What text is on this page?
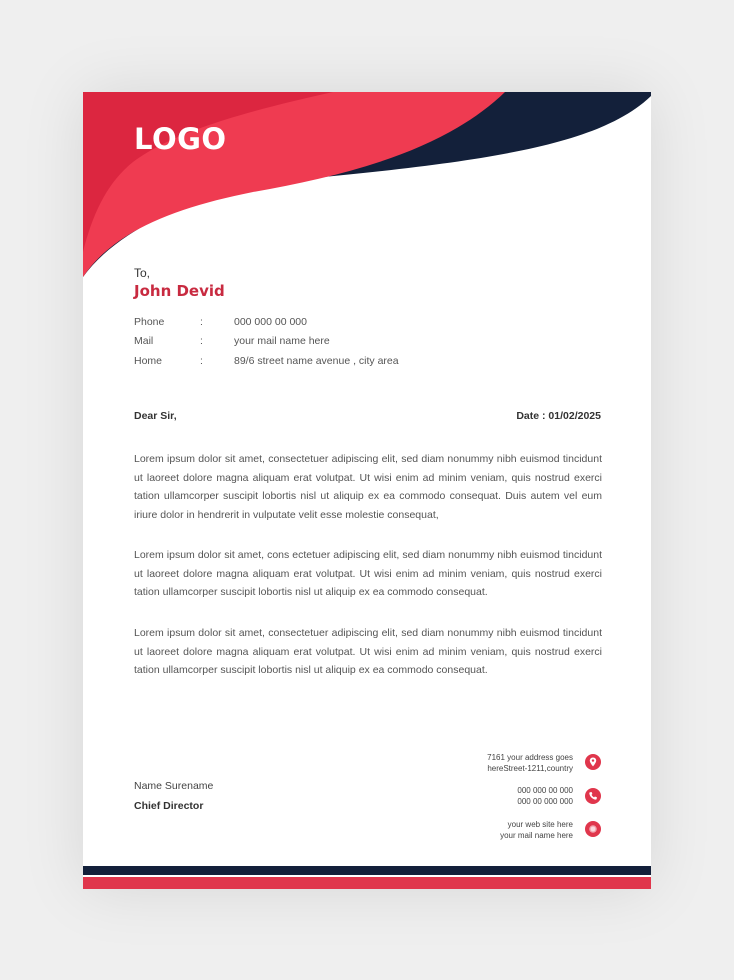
LOGO
To,
John Devid
Phone	:	000 000 00 000
Mail	:	your mail name here
Home	:	89/6 street name avenue , city area
Dear Sir,	Date : 01/02/2025
Lorem ipsum dolor sit amet, consectetuer adipiscing elit, sed diam nonummy nibh euismod tincidunt ut laoreet dolore magna aliquam erat volutpat. Ut wisi enim ad minim veniam, quis nostrud exerci tation ullamcorper suscipit lobortis nisl ut aliquip ex ea commodo consequat. Duis autem vel eum iriure dolor in hendrerit in vulputate velit esse molestie consequat,
Lorem ipsum dolor sit amet, cons ectetuer adipiscing elit, sed diam nonummy nibh euismod tincidunt ut laoreet dolore magna aliquam erat volutpat. Ut wisi enim ad minim veniam, quis nostrud exerci tation ullamcorper suscipit lobortis nisl ut aliquip ex ea commodo consequat.
Lorem ipsum dolor sit amet, consectetuer adipiscing elit, sed diam nonummy nibh euismod tincidunt ut laoreet dolore magna aliquam erat volutpat. Ut wisi enim ad minim veniam, quis nostrud exerci tation ullamcorper suscipit lobortis nisl ut aliquip ex ea commodo consequat.
Name Surename
Chief Director
7161 your address goes
hereStreet-1211,country
000 000 00 000
000 00 000 000
your web site here
your mail name here
